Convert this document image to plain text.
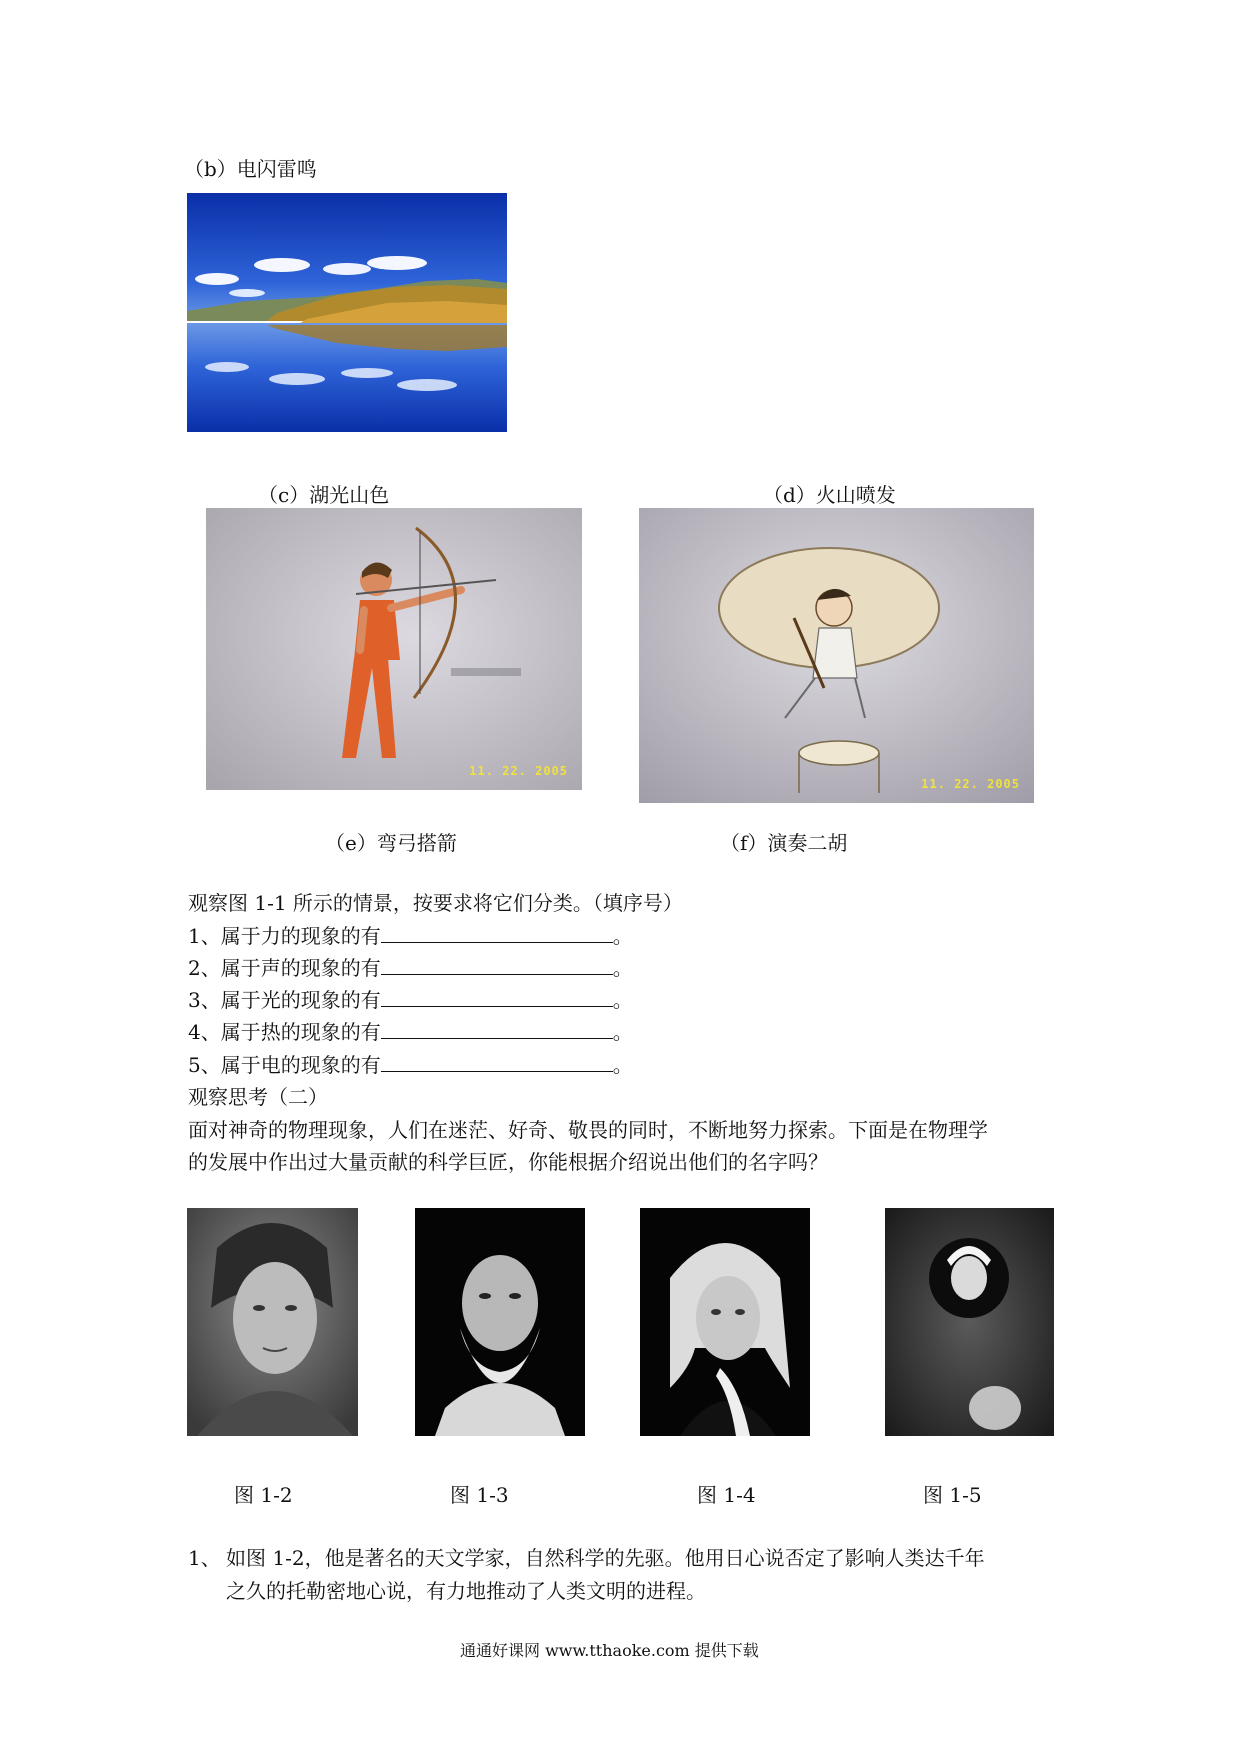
（b）电闪雷鸣
（c）湖光山色	（d）火山喷发
11. 22. 2005
11. 22. 2005
（e）弯弓搭箭	（f）演奏二胡
观察图 1-1 所示的情景，按要求将它们分类。（填序号）
1、属于力的现象的有	。
2、属于声的现象的有	。
3、属于光的现象的有	。
4、属于热的现象的有	。
5、属于电的现象的有	。
观察思考（二）
面对神奇的物理现象，人们在迷茫、好奇、敬畏的同时，不断地努力探索。下面是在物理学
的发展中作出过大量贡献的科学巨匠，你能根据介绍说出他们的名字吗？
图 1-2	图 1-3	图 1-4	图 1-5
1、 如图 1-2，他是著名的天文学家，自然科学的先驱。他用日心说否定了影响人类达千年
之久的托勒密地心说，有力地推动了人类文明的进程。
通通好课网 www.tthaoke.com 提供下载
